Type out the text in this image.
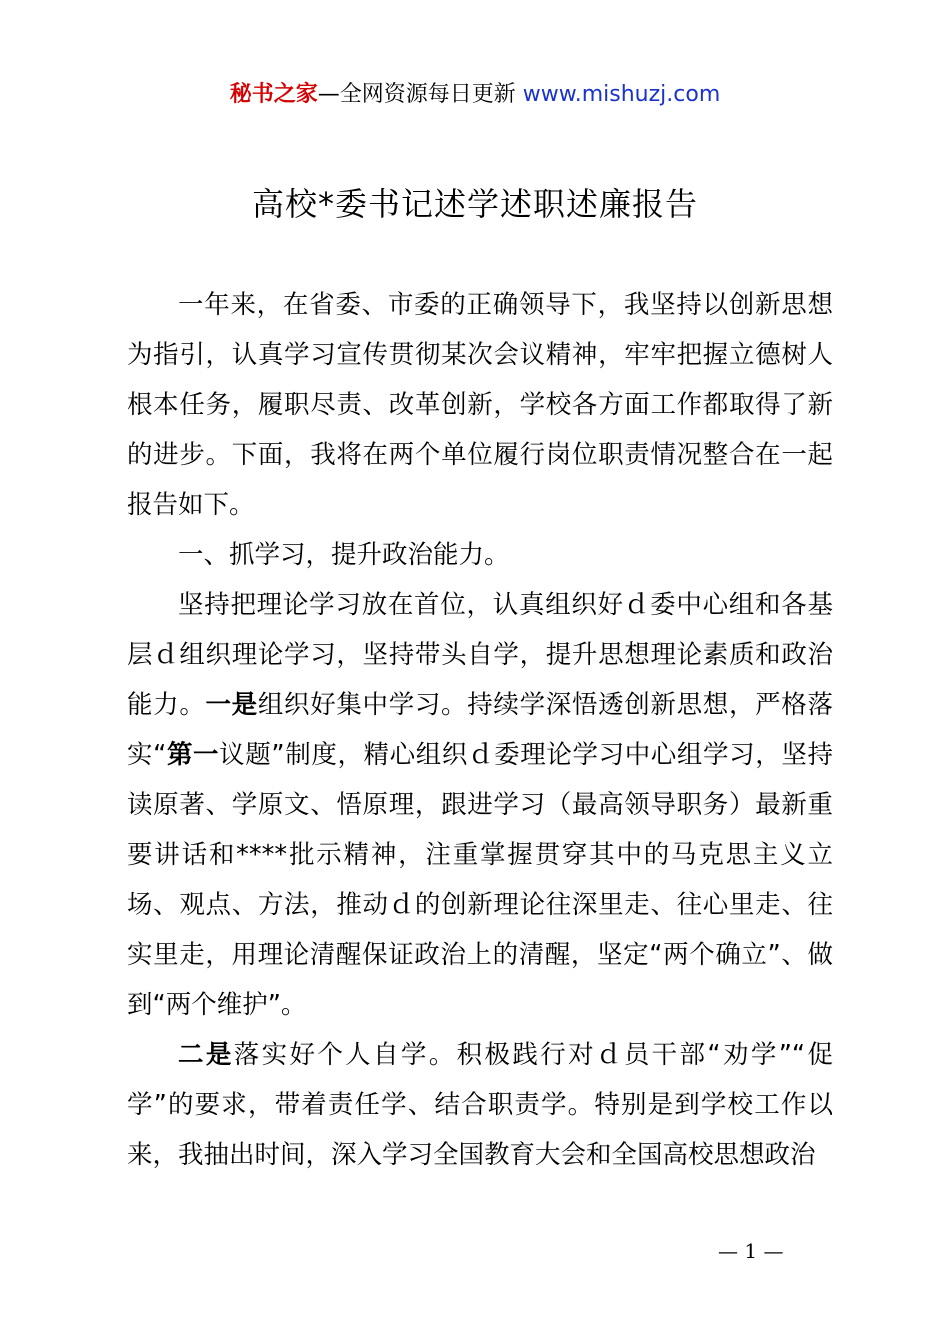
秘书之家—全网资源每日更新 www.mishuzj.com
高校*委书记述学述职述廉报告

一年来，在省委、市委的正确领导下，我坚持以创新思想为指引，认真学习宣传贯彻某次会议精神，牢牢把握立德树人根本任务，履职尽责、改革创新，学校各方面工作都取得了新的进步。下面，我将在两个单位履行岗位职责情况整合在一起报告如下。

一、抓学习，提升政治能力。

坚持把理论学习放在首位，认真组织好ｄ委中心组和各基层ｄ组织理论学习，坚持带头自学，提升思想理论素质和政治能力。一是组织好集中学习。持续学深悟透创新思想，严格落实“第一议题”制度，精心组织ｄ委理论学习中心组学习，坚持读原著、学原文、悟原理，跟进学习（最高领导职务）最新重要讲话和****批示精神，注重掌握贯穿其中的马克思主义立场、观点、方法，推动ｄ的创新理论往深里走、往心里走、往实里走，用理论清醒保证政治上的清醒，坚定“两个确立”、做到“两个维护”。

二是落实好个人自学。积极践行对ｄ员干部“劝学”“促学”的要求，带着责任学、结合职责学。特别是到学校工作以来，我抽出时间，深入学习全国教育大会和全国高校思想政治

— 1 —
